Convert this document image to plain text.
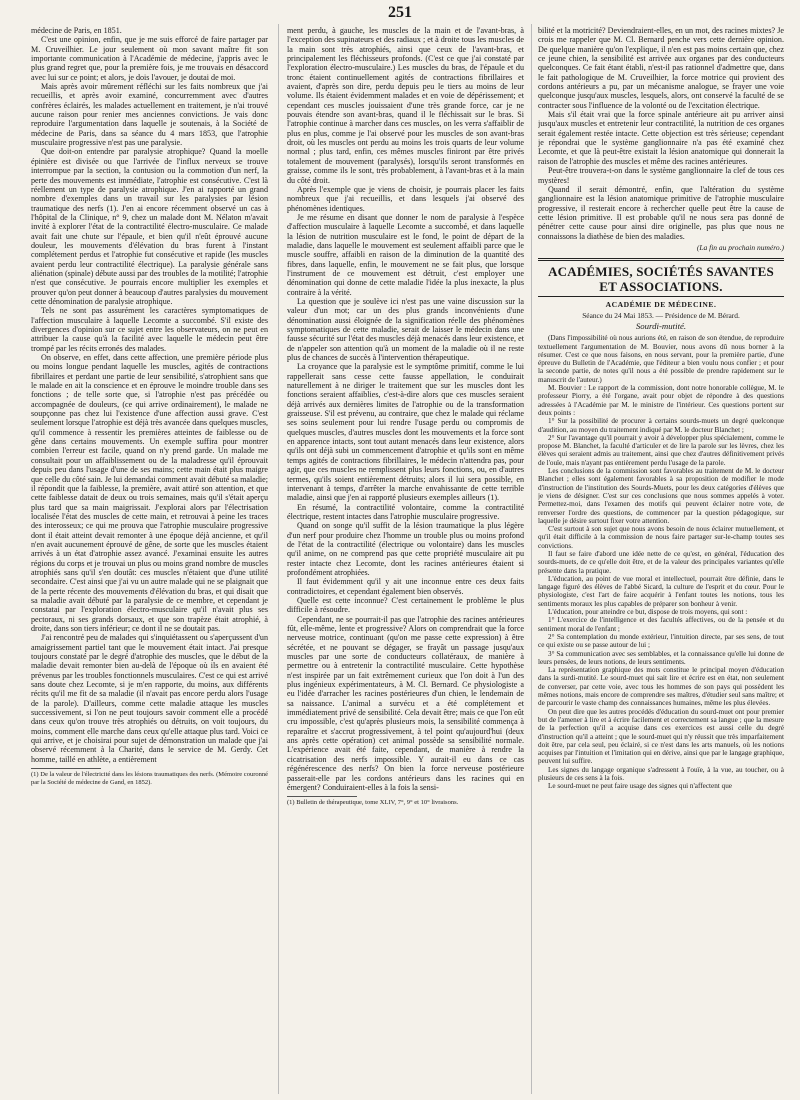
251

médecine de Paris, en 1851.

C'est une opinion, enfin, que je me suis efforcé de faire partager par M. Cruveilhier. Le jour seulement où mon savant maître fit son importante communication à l'Académie de médecine, j'appris avec le plus grand regret que, pour la première fois, je me trouvais en désaccord avec lui sur ce point; et alors, je dois l'avouer, je doutai de moi.

Mais après avoir mûrement réfléchi sur les faits nombreux que j'ai recueillis, et après avoir examiné, concurremment avec d'autres confrères éclairés, les malades actuellement en traitement, je n'ai trouvé aucune raison pour renier mes anciennes convictions. Je vais donc reproduire l'argumentation dans laquelle je soutenais, à la Société de médecine de Paris, dans sa séance du 4 mars 1853, que l'atrophie musculaire progressive n'est pas une paralysie.

Que doit-on entendre par paralysie atrophique? Quand la moelle épinière est divisée ou que l'arrivée de l'influx nerveux se trouve interrompue par la section, la contusion ou la commotion d'un nerf, la perte des mouvements est immédiate, l'atrophie est consécutive. C'est là réellement un type de paralysie atrophique. J'en ai rapporté un grand nombre d'exemples dans un travail sur les paralysies par lésion traumatique des nerfs (1). J'en ai encore récemment observé un cas à l'hôpital de la Clinique, n° 9, chez un malade dont M. Nélaton m'avait invité à explorer l'état de la contractilité électro-musculaire. Ce malade avait fait une chute sur l'épaule, et bien qu'il n'eût éprouvé aucune douleur, les mouvements d'élévation du bras furent à l'instant complétement perdus et l'atrophie fut consécutive et rapide (les muscles avaient perdu leur contractilité électrique). La paralysie générale sans aliénation (spinale) débute aussi par des troubles de la motilité; l'atrophie n'est que consécutive. Je pourrais encore multiplier les exemples et prouver qu'on peut donner à beaucoup d'autres paralysies du mouvement cette dénomination de paralysie atrophique.

Tels ne sont pas assurément les caractères symptomatiques de l'affection musculaire à laquelle Lecomte a succombé. S'il existe des divergences d'opinion sur ce sujet entre les observateurs, on ne peut en attribuer la cause qu'à la facilité avec laquelle le médecin peut être trompé par les récits erronés des malades.

On observe, en effet, dans cette affection, une première période plus ou moins longue pendant laquelle les muscles, agités de contractions fibrillaires et perdant une partie de leur sensibilité, s'atrophient sans que le malade en ait la conscience et en éprouve le moindre trouble dans ses fonctions ; de telle sorte que, si l'atrophie n'est pas précédée ou accompagnée de douleurs, (ce qui arrive ordinairement), le malade ne soupçonne pas chez lui l'existence d'une affection aussi grave. C'est seulement lorsque l'atrophie est déjà très avancée dans quelques muscles, qu'il commence à ressentir les premières atteintes de faiblesse ou de gêne dans certains mouvements. Un exemple suffira pour montrer combien l'erreur est facile, quand on n'y prend garde. Un malade me consultait pour un affaiblissement ou de la maladresse qu'il éprouvait depuis peu dans l'usage d'une de ses mains; cette main était plus maigre que celle du côté sain. Je lui demandai comment avait débuté sa maladie; il répondit que la faiblesse, la première, avait attiré son attention, et que cette faiblesse datait de deux ou trois semaines, mais qu'il s'était aperçu plus tard que sa main maigrissait. J'explorai alors par l'électrisation localisée l'état des muscles de cette main, et retrouvai à peine les traces des interosseux; ce qui me prouva que l'atrophie musculaire progressive dont il était atteint devait remonter à une époque déjà ancienne, et qu'il n'en avait aucunement éprouvé de gêne, de sorte que les muscles étaient arrivés à un état d'atrophie assez avancé. J'examinai ensuite les autres régions du corps et je trouvai un plus ou moins grand nombre de muscles atrophiés sans qu'il s'en doutât: ces muscles n'étaient que d'une utilité secondaire. C'est ainsi que j'ai vu un autre malade qui ne se plaignait que de la perte récente des mouvements d'élévation du bras, et qui disait que sa maladie avait débuté par la paralysie de ce membre, et cependant je constatai par l'exploration électro-musculaire qu'il n'avait plus ses pectoraux, ni ses grands dorsaux, et que son trapèze était atrophié, à droite, dans son tiers inférieur; ce dont il ne se doutait pas.

J'ai rencontré peu de malades qui s'inquiétassent ou s'aperçussent d'un amaigrissement partiel tant que le mouvement était intact. J'ai presque toujours constaté par le degré d'atrophie des muscles, que le début de la maladie devait remonter bien au-delà de l'époque où ils en avaient été prévenus par les troubles fonctionnels musculaires. C'est ce qui est arrivé sans doute chez Lecomte, si je m'en rapporte, du moins, aux différents récits qu'il me fit de sa maladie (il n'avait pas encore perdu alors l'usage de la parole). D'ailleurs, comme cette maladie attaque les muscles successivement, si l'on ne peut toujours savoir comment elle a procédé dans ceux qu'on trouve très atrophiés ou détruits, on voit toujours, du moins, comment elle marche dans ceux qu'elle attaque plus tard. Voici ce qui arrive, et je choisirai pour sujet de démonstration un malade que j'ai observé récemment à la Charité, dans le service de M. Gerdy. Cet homme, taillé en athlète, a entièrement

(1) De la valeur de l'électricité dans les lésions traumatiques des nerfs. (Mémoire couronné par la Société de médecine de Gand, en 1852).

ment perdu, à gauche, les muscles de la main et de l'avant-bras, à l'exception des supinateurs et des radiaux ; et à droite tous les muscles de la main sont très atrophiés, ainsi que ceux de l'avant-bras, et principalement les fléchisseurs profonds. (C'est ce que j'ai constaté par l'exploration électro-musculaire.) Les muscles du bras, de l'épaule et du tronc étaient continuellement agités de contractions fibrillaires et avaient, d'après son dire, perdu depuis peu le tiers au moins de leur volume. Ils étaient évidemment malades et en voie de dépérissement; et cependant ces muscles jouissaient d'une très grande force, car je ne pouvais étendre son avant-bras, quand il le fléchissait sur le bras. Si l'atrophie continue à marcher dans ces muscles, on les verra s'affaiblir de plus en plus, comme je l'ai observé pour les muscles de son avant-bras droit, où les muscles ont perdu au moins les trois quarts de leur volume normal ; plus tard, enfin, ces mêmes muscles finiront par être privés totalement de mouvement (paralysés), lorsqu'ils seront transformés en graisse, comme ils le sont, très probablement, à l'avant-bras et à la main du côté droit.

Après l'exemple que je viens de choisir, je pourrais placer les faits nombreux que j'ai recueillis, et dans lesquels j'ai observé des phénomènes identiques.

Je me résume en disant que donner le nom de paralysie à l'espèce d'affection musculaire à laquelle Lecomte a succombé, et dans laquelle la lésion de nutrition musculaire est le fond, le point de départ de la maladie, dans laquelle le mouvement est seulement affaibli parce que le muscle souffre, affaibli en raison de la diminution de la quantité des fibres, dans laquelle, enfin, le mouvement ne se fait plus, que lorsque l'instrument de ce mouvement est détruit, c'est employer une dénomination qui donne de cette maladie l'idée la plus inexacte, la plus contraire à la vérité.

La question que je soulève ici n'est pas une vaine discussion sur la valeur d'un mot; car un des plus grands inconvénients d'une dénomination aussi éloignée de la signification réelle des phénomènes symptomatiques de cette maladie, serait de laisser le médecin dans une fausse sécurité sur l'état des muscles déjà menacés dans leur existence, et de n'appeler son attention qu'à un moment de la maladie où il ne reste plus de chances de succès à l'intervention thérapeutique.

La croyance que la paralysie est le symptôme primitif, comme le lui rappellerait sans cesse cette fausse appellation, le conduirait naturellement à ne diriger le traitement que sur les muscles dont les fonctions seraient affaiblies, c'est-à-dire alors que ces muscles seraient déjà arrivés aux dernières limites de l'atrophie ou de la transformation graisseuse. S'il est prévenu, au contraire, que chez le malade qui réclame ses soins seulement pour lui rendre l'usage perdu ou compromis de quelques muscles, d'autres muscles dont les mouvements et la force sont en apparence intacts, sont tout autant menacés dans leur existence, alors qu'ils ont déjà subi un commencement d'atrophie et qu'ils sont en même temps agités de contractions fibrillaires, le médecin n'attendra pas, pour agir, que ces muscles ne remplissent plus leurs fonctions, ou, en d'autres termes, qu'ils soient entièrement détruits; alors il lui sera possible, en intervenant à temps, d'arrêter la marche envahissante de cette terrible maladie, ainsi que j'en ai rapporté plusieurs exemples ailleurs (1).

En résumé, la contractilité volontaire, comme la contractilité électrique, restent intactes dans l'atrophie musculaire progressive.

Quand on songe qu'il suffit de la lésion traumatique la plus légère d'un nerf pour produire chez l'homme un trouble plus ou moins profond de l'état de la contractilité (électrique ou volontaire) dans les muscles qu'il anime, on ne comprend pas que cette propriété musculaire ait pu rester intacte chez Lecomte, dont les racines antérieures étaient si profondément atrophiées.

Il faut évidemment qu'il y ait une inconnue entre ces deux faits contradictoires, et cependant également bien observés.

Quelle est cette inconnue? C'est certainement le problème le plus difficile à résoudre.

Cependant, ne se pourrait-il pas que l'atrophie des racines antérieures fût, elle-même, lente et progressive? Alors on comprendrait que la force nerveuse motrice, continuant (qu'on me passe cette expression) à être sécrétée, et ne pouvant se dégager, se frayât un passage jusqu'aux muscles par une sorte de conducteurs collatéraux, de manière à permettre ou à entretenir la contractilité musculaire. Cette hypothèse n'est inspirée par un fait extrêmement curieux que l'on doit à l'un des plus ingénieux expérimentateurs, à M. Cl. Bernard. Ce physiologiste a eu l'idée d'arracher les racines postérieures d'un chien, le lendemain de sa naissance. L'animal a survécu et a été complétement et immédiatement privé de sensibilité. Cela devait être; mais ce que l'on eût cru impossible, c'est qu'après plusieurs mois, la sensibilité commença à reparaître et s'accrut progressivement, à tel point qu'aujourd'hui (deux ans après cette opération) cet animal possède sa sensibilité normale. L'expérience avait été faite, cependant, de manière à rendre la cicatrisation des nerfs impossible. Y aurait-il eu dans ce cas régénérescence des nerfs? On bien la force nerveuse postérieure passerait-elle par les cordons antérieurs dans les racines qui en émergent? Conduiraient-elles à la fois la sensi-

(1) Bulletin de thérapeutique, tome XLIV, 7°, 9° et 10° livraisons.

bilité et la motricité? Deviendraient-elles, en un mot, des racines mixtes? Je crois me rappeler que M. Cl. Bernard penche vers cette dernière opinion. De quelque manière qu'on l'explique, il n'en est pas moins certain que, chez ce jeune chien, la sensibilité est arrivée aux organes par des conducteurs quelconques. Ce fait étant établi, n'est-il pas rationnel d'admettre que, dans le fait pathologique de M. Cruveilhier, la force motrice qui provient des cordons antérieurs a pu, par un mécanisme analogue, se frayer une voie quelconque jusqu'aux muscles, lesquels, alors, ont conservé la faculté de se contracter sous l'influence de la volonté ou de l'excitation électrique.

Mais s'il était vrai que la force spinale antérieure ait pu arriver ainsi jusqu'aux muscles et entretenir leur contractilité, la nutrition de ces organes serait également restée intacte. Cette objection est très sérieuse; cependant je répondrai que le système ganglionnaire n'a pas été examiné chez Lecomte, et que là peut-être existait la lésion anatomique qui donnerait la raison de l'atrophie des muscles et même des racines antérieures.

Peut-être trouvera-t-on dans le système ganglionnaire la clef de tous ces mystères!

Quand il serait démontré, enfin, que l'altération du système ganglionnaire est la lésion anatomique primitive de l'atrophie musculaire progressive, il resterait encore à rechercher quelle peut être la cause de cette lésion primitive. Il est probable qu'il ne nous sera pas donné de pénétrer cette cause pour ainsi dire originelle, pas plus que nous ne connaissons la diathèse de bien des maladies.

(La fin au prochain numéro.)
ACADÉMIES, SOCIÉTÉS SAVANTES ET ASSOCIATIONS.
ACADÉMIE DE MÉDECINE.
Séance du 24 Mai 1853. — Présidence de M. Bérard.
Sourdi-mutité.

(Dans l'impossibilité où nous aurions été, en raison de son étendue, de reproduire textuellement l'argumentation de M. Bouvier, nous avons dû nous borner à la résumer. C'est ce que nous faisons, en nous servant, pour la première partie, d'une épreuve du Bulletin de l'Académie, que l'éditeur a bien voulu nous confier ; et pour la seconde partie, de notes qu'il nous a été possible de prendre rapidement sur le manuscrit de l'auteur.)

M. Bouvier : Le rapport de la commission, dont notre honorable collègue, M. le professeur Piorry, a été l'organe, avait pour objet de répondre à des questions adressées à l'Académie par M. le ministre de l'intérieur. Ces questions portent sur deux points :

1° Sur la possibilité de procurer à certains sourds-muets un degré quelconque d'audition, au moyen du traitement indiqué par M. le docteur Blanchet ;

2° Sur l'avantage qu'il pourrait y avoir à développer plus spécialement, comme le propose M. Blanchet, la faculté d'articuler et de lire la parole sur les lèvres, chez les élèves qui seraient admis au traitement, ainsi que chez d'autres définitivement privés de l'ouïe, mais n'ayant pas entièrement perdu l'usage de la parole.

Les conclusions de la commission sont favorables au traitement de M. le docteur Blanchet ; elles sont également favorables à sa proposition de modifier le mode d'instruction de l'institution des Sourds-Muets, pour les deux catégories d'élèves que je viens de désigner. C'est sur ces conclusions que nous sommes appelés à voter. Permettez-moi, dans l'examen des motifs qui peuvent éclairer notre vote, de renverser l'ordre des questions, de commencer par la question pédagogique, sur laquelle je désire surtout fixer votre attention.

C'est surtout à son sujet que nous avons besoin de nous éclairer mutuellement, et qu'il était difficile à la commission de nous faire partager sur-le-champ toutes ses convictions.

Il faut se faire d'abord une idée nette de ce qu'est, en général, l'éducation des sourds-muets, de ce qu'elle doit être, et de la valeur des principales variantes qu'elle présente dans la pratique.

L'éducation, au point de vue moral et intellectuel, pourrait être définie, dans le langage figuré des élèves de l'abbé Sicard, la culture de l'esprit et du cœur. Pour le physiologiste, c'est l'art de faire acquérir à l'enfant toutes les notions, tous les sentiments moraux les plus capables de préparer son bonheur à venir.

L'éducation, pour atteindre ce but, dispose de trois moyens, qui sont :

1° L'exercice de l'intelligence et des facultés affectives, ou de la pensée et du sentiment moral de l'enfant ;

2° Sa contemplation du monde extérieur, l'intuition directe, par ses sens, de tout ce qui existe ou se passe autour de lui ;

3° Sa communication avec ses semblables, et la connaissance qu'elle lui donne de leurs pensées, de leurs notions, de leurs sentiments.

La représentation graphique des mots constitue le principal moyen d'éducation dans la surdi-mutité. Le sourd-muet qui sait lire et écrire est en état, non seulement de converser, par cette voie, avec tous les hommes de son pays qui possèdent les mêmes notions, mais encore de comprendre ses maîtres, d'étudier seul sans maître; et de parcourir le vaste champ des connaissances humaines, même les plus élevées.

On peut dire que les autres procédés d'éducation du sourd-muet ont pour premier but de l'amener à lire et à écrire facilement et correctement sa langue ; que la mesure de la perfection qu'il a acquise dans ces exercices est aussi celle du degré d'instruction qu'il a atteint ; que le sourd-muet qui n'y réussit que très imparfaitement doit être, par cela seul, peu éclairé, si ce n'est dans les arts manuels, où les notions acquises par l'intuition et l'imitation qui en dérive, ainsi que par le langage graphique, peuvent lui suffire.

Les signes du langage organique s'adressent à l'ouïe, à la vue, au toucher, ou à plusieurs de ces sens à la fois.

Le sourd-muet ne peut faire usage des signes qui n'affectent que
